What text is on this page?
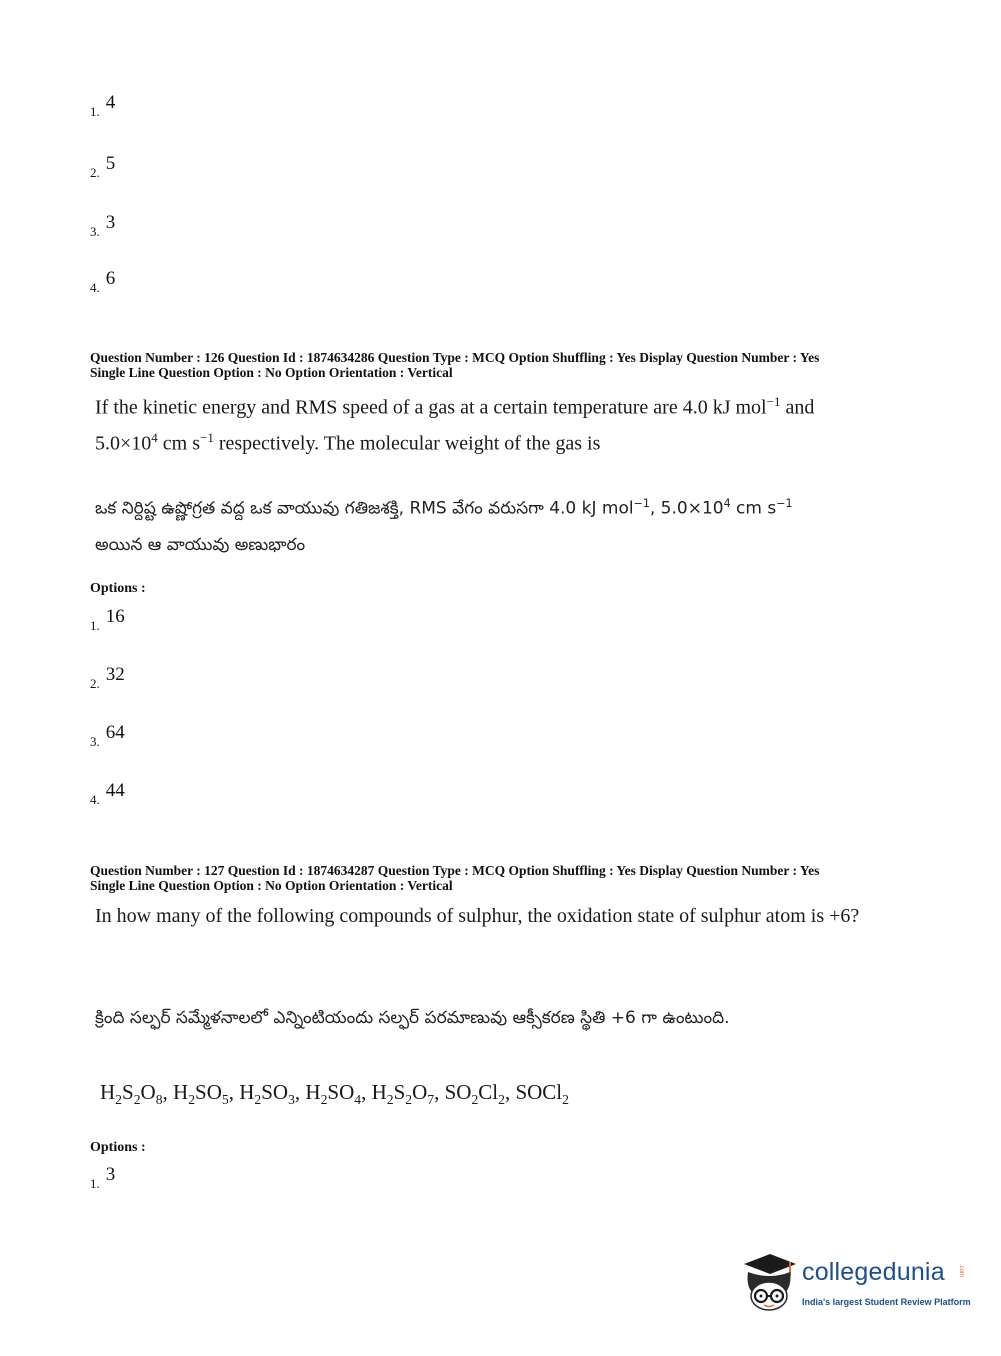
1. 4
2. 5
3. 3
4. 6
Question Number : 126 Question Id : 1874634286 Question Type : MCQ Option Shuffling : Yes Display Question Number : Yes
Single Line Question Option : No Option Orientation : Vertical
If the kinetic energy and RMS speed of a gas at a certain temperature are 4.0 kJ mol$^{-1}$ and
$5.0\times 10^4$ cm $s^{-1}$ respectively. The molecular weight of the gas is
ఒక నిర్దిష్ట ఉష్ణోగ్రత వద్ద ఒక వాయువు గతిజశక్తి, RMS వేగం వరుసగా 4.0 kJ mol$^{-1}$, $5.0\times 10^4$ cm $s^{-1}$
అయిన ఆ వాయువు అణుభారం
Options :
1. 16
2. 32
3. 64
4. 44
Question Number : 127 Question Id : 1874634287 Question Type : MCQ Option Shuffling : Yes Display Question Number : Yes
Single Line Question Option : No Option Orientation : Vertical
In how many of the following compounds of sulphur, the oxidation state of sulphur atom is +6?
క్రింది సల్ఫర్ సమ్మేళనాలలో ఎన్నింటియందు సల్ఫర్ పరమాణువు ఆక్సీకరణ స్థితి +6 గా ఉంటుంది.
$H_2S_2O_8$, $H_2SO_5$, $H_2SO_3$, $H_2SO_4$, $H_2S_2O_7$, $SO_2Cl_2$, SOCl$_2$
Options :
1. 3
collegedunia .com
India's largest Student Review Platform
